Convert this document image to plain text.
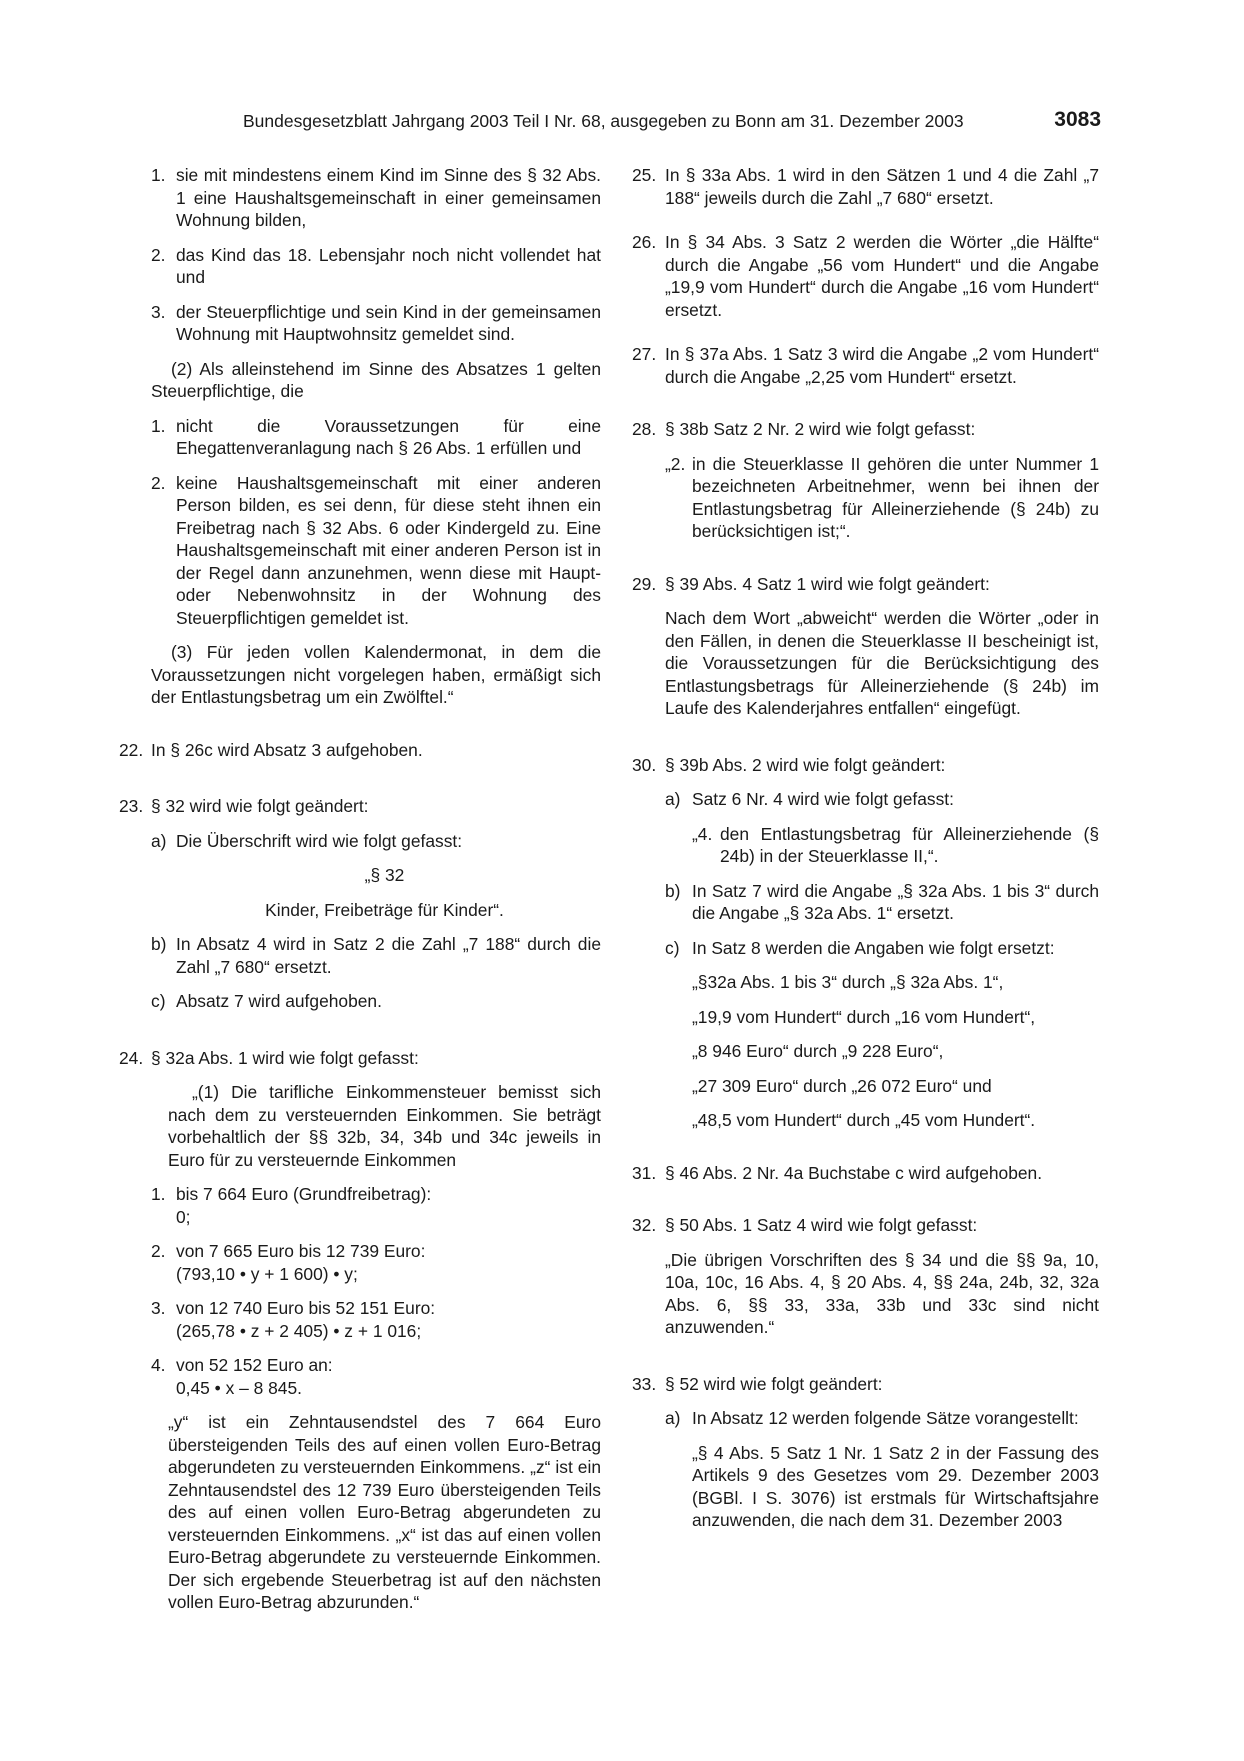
Bundesgesetzblatt Jahrgang 2003 Teil I Nr. 68, ausgegeben zu Bonn am 31. Dezember 2003	3083
1. sie mit mindestens einem Kind im Sinne des § 32 Abs. 1 eine Haushaltsgemeinschaft in einer gemeinsamen Wohnung bilden,
2. das Kind das 18. Lebensjahr noch nicht vollendet hat und
3. der Steuerpflichtige und sein Kind in der gemeinsamen Wohnung mit Hauptwohnsitz gemeldet sind.

(2) Als alleinstehend im Sinne des Absatzes 1 gelten Steuerpflichtige, die

1. nicht die Voraussetzungen für eine Ehegattenveranlagung nach § 26 Abs. 1 erfüllen und
2. keine Haushaltsgemeinschaft mit einer anderen Person bilden, es sei denn, für diese steht ihnen ein Freibetrag nach § 32 Abs. 6 oder Kindergeld zu. Eine Haushaltsgemeinschaft mit einer anderen Person ist in der Regel dann anzunehmen, wenn diese mit Haupt- oder Nebenwohnsitz in der Wohnung des Steuerpflichtigen gemeldet ist.

(3) Für jeden vollen Kalendermonat, in dem die Voraussetzungen nicht vorgelegen haben, ermäßigt sich der Entlastungsbetrag um ein Zwölftel.“

22. In § 26c wird Absatz 3 aufgehoben.
23. § 32 wird wie folgt geändert:
a) Die Überschrift wird wie folgt gefasst:
„§ 32
Kinder, Freibeträge für Kinder“.
b) In Absatz 4 wird in Satz 2 die Zahl „7 188“ durch die Zahl „7 680“ ersetzt.
c) Absatz 7 wird aufgehoben.
24. § 32a Abs. 1 wird wie folgt gefasst:

„(1) Die tarifliche Einkommensteuer bemisst sich nach dem zu versteuernden Einkommen. Sie beträgt vorbehaltlich der §§ 32b, 34, 34b und 34c jeweils in Euro für zu versteuernde Einkommen

1. bis 7 664 Euro (Grundfreibetrag):
0;
2. von 7 665 Euro bis 12 739 Euro:
(793,10 • y + 1 600) • y;
3. von 12 740 Euro bis 52 151 Euro:
(265,78 • z + 2 405) • z + 1 016;
4. von 52 152 Euro an:
0,45 • x – 8 845.

„y“ ist ein Zehntausendstel des 7 664 Euro übersteigenden Teils des auf einen vollen Euro-Betrag abgerundeten zu versteuernden Einkommens. „z“ ist ein Zehntausendstel des 12 739 Euro übersteigenden Teils des auf einen vollen Euro-Betrag abgerundeten zu versteuernden Einkommens. „x“ ist das auf einen vollen Euro-Betrag abgerundete zu versteuernde Einkommen. Der sich ergebende Steuerbetrag ist auf den nächsten vollen Euro-Betrag abzurunden.“

25. In § 33a Abs. 1 wird in den Sätzen 1 und 4 die Zahl „7 188“ jeweils durch die Zahl „7 680“ ersetzt.
26. In § 34 Abs. 3 Satz 2 werden die Wörter „die Hälfte“ durch die Angabe „56 vom Hundert“ und die Angabe „19,9 vom Hundert“ durch die Angabe „16 vom Hundert“ ersetzt.
27. In § 37a Abs. 1 Satz 3 wird die Angabe „2 vom Hundert“ durch die Angabe „2,25 vom Hundert“ ersetzt.
28. § 38b Satz 2 Nr. 2 wird wie folgt gefasst:
„2. in die Steuerklasse II gehören die unter Nummer 1 bezeichneten Arbeitnehmer, wenn bei ihnen der Entlastungsbetrag für Alleinerziehende (§ 24b) zu berücksichtigen ist;“.
29. § 39 Abs. 4 Satz 1 wird wie folgt geändert:

Nach dem Wort „abweicht“ werden die Wörter „oder in den Fällen, in denen die Steuerklasse II bescheinigt ist, die Voraussetzungen für die Berücksichtigung des Entlastungsbetrags für Alleinerziehende (§ 24b) im Laufe des Kalenderjahres entfallen“ eingefügt.

30. § 39b Abs. 2 wird wie folgt geändert:
a) Satz 6 Nr. 4 wird wie folgt gefasst:
„4. den Entlastungsbetrag für Alleinerziehende (§ 24b) in der Steuerklasse II,“.
b) In Satz 7 wird die Angabe „§ 32a Abs. 1 bis 3“ durch die Angabe „§ 32a Abs. 1“ ersetzt.
c) In Satz 8 werden die Angaben wie folgt ersetzt:
„§32a Abs. 1 bis 3“ durch „§ 32a Abs. 1“,
„19,9 vom Hundert“ durch „16 vom Hundert“,
„8 946 Euro“ durch „9 228 Euro“,
„27 309 Euro“ durch „26 072 Euro“ und
„48,5 vom Hundert“ durch „45 vom Hundert“.
31. § 46 Abs. 2 Nr. 4a Buchstabe c wird aufgehoben.
32. § 50 Abs. 1 Satz 4 wird wie folgt gefasst:

„Die übrigen Vorschriften des § 34 und die §§ 9a, 10, 10a, 10c, 16 Abs. 4, § 20 Abs. 4, §§ 24a, 24b, 32, 32a Abs. 6, §§ 33, 33a, 33b und 33c sind nicht anzuwenden.“

33. § 52 wird wie folgt geändert:
a) In Absatz 12 werden folgende Sätze vorangestellt:

„§ 4 Abs. 5 Satz 1 Nr. 1 Satz 2 in der Fassung des Artikels 9 des Gesetzes vom 29. Dezember 2003 (BGBl. I S. 3076) ist erstmals für Wirtschaftsjahre anzuwenden, die nach dem 31. Dezember 2003
